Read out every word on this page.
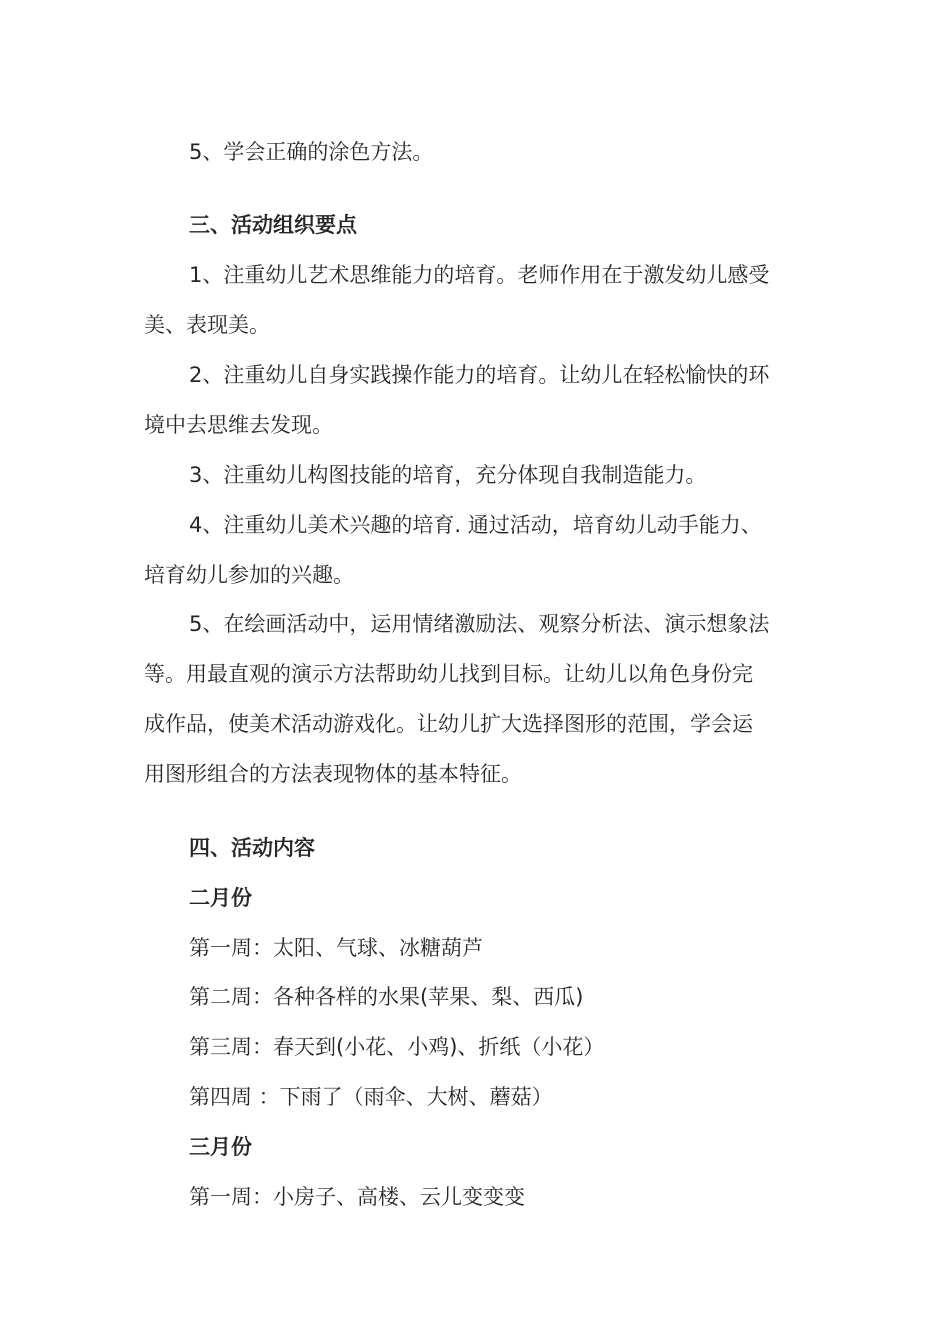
5、学会正确的涂色方法。
三、活动组织要点
1、注重幼儿艺术思维能力的培育。老师作用在于激发幼儿感受
美、表现美。
2、注重幼儿自身实践操作能力的培育。让幼儿在轻松愉快的环
境中去思维去发现。
3、注重幼儿构图技能的培育，充分体现自我制造能力。
4、注重幼儿美术兴趣的培育. 通过活动，培育幼儿动手能力、
培育幼儿参加的兴趣。
5、在绘画活动中，运用情绪激励法、观察分析法、演示想象法
等。用最直观的演示方法帮助幼儿找到目标。让幼儿以角色身份完
成作品，使美术活动游戏化。让幼儿扩大选择图形的范围，学会运
用图形组合的方法表现物体的基本特征。
四、活动内容
二月份
第一周：太阳、气球、冰糖葫芦
第二周：各种各样的水果(苹果、梨、西瓜)
第三周：春天到(小花、小鸡)、折纸（小花）
第四周 ：下雨了（雨伞、大树、蘑菇）
三月份
第一周：小房子、高楼、云儿变变变
